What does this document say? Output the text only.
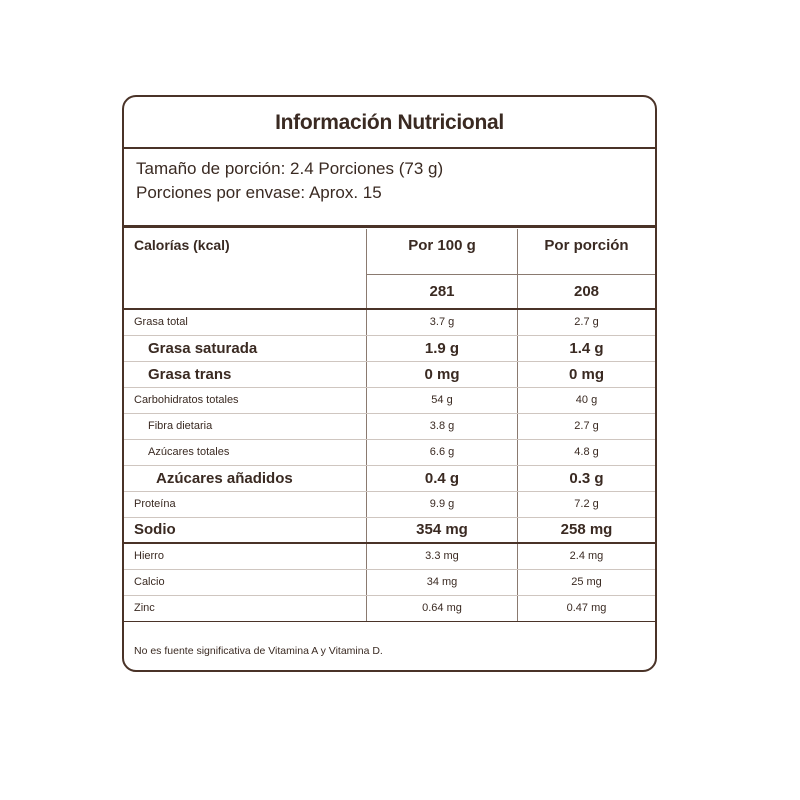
Información Nutricional
Tamaño de porción: 2.4 Porciones (73 g)
Porciones por envase: Aprox. 15
Calorías (kcal)	Por 100 g	Por porción
	281	208
Grasa total	3.7 g	2.7 g
Grasa saturada	1.9 g	1.4 g
Grasa trans	0 mg	0 mg
Carbohidratos totales	54 g	40 g
Fibra dietaria	3.8 g	2.7 g
Azúcares totales	6.6 g	4.8 g
Azúcares añadidos	0.4 g	0.3 g
Proteína	9.9 g	7.2 g
Sodio	354 mg	258 mg
Hierro	3.3 mg	2.4 mg
Calcio	34 mg	25 mg
Zinc	0.64 mg	0.47 mg
No es fuente significativa de Vitamina A y Vitamina D.
